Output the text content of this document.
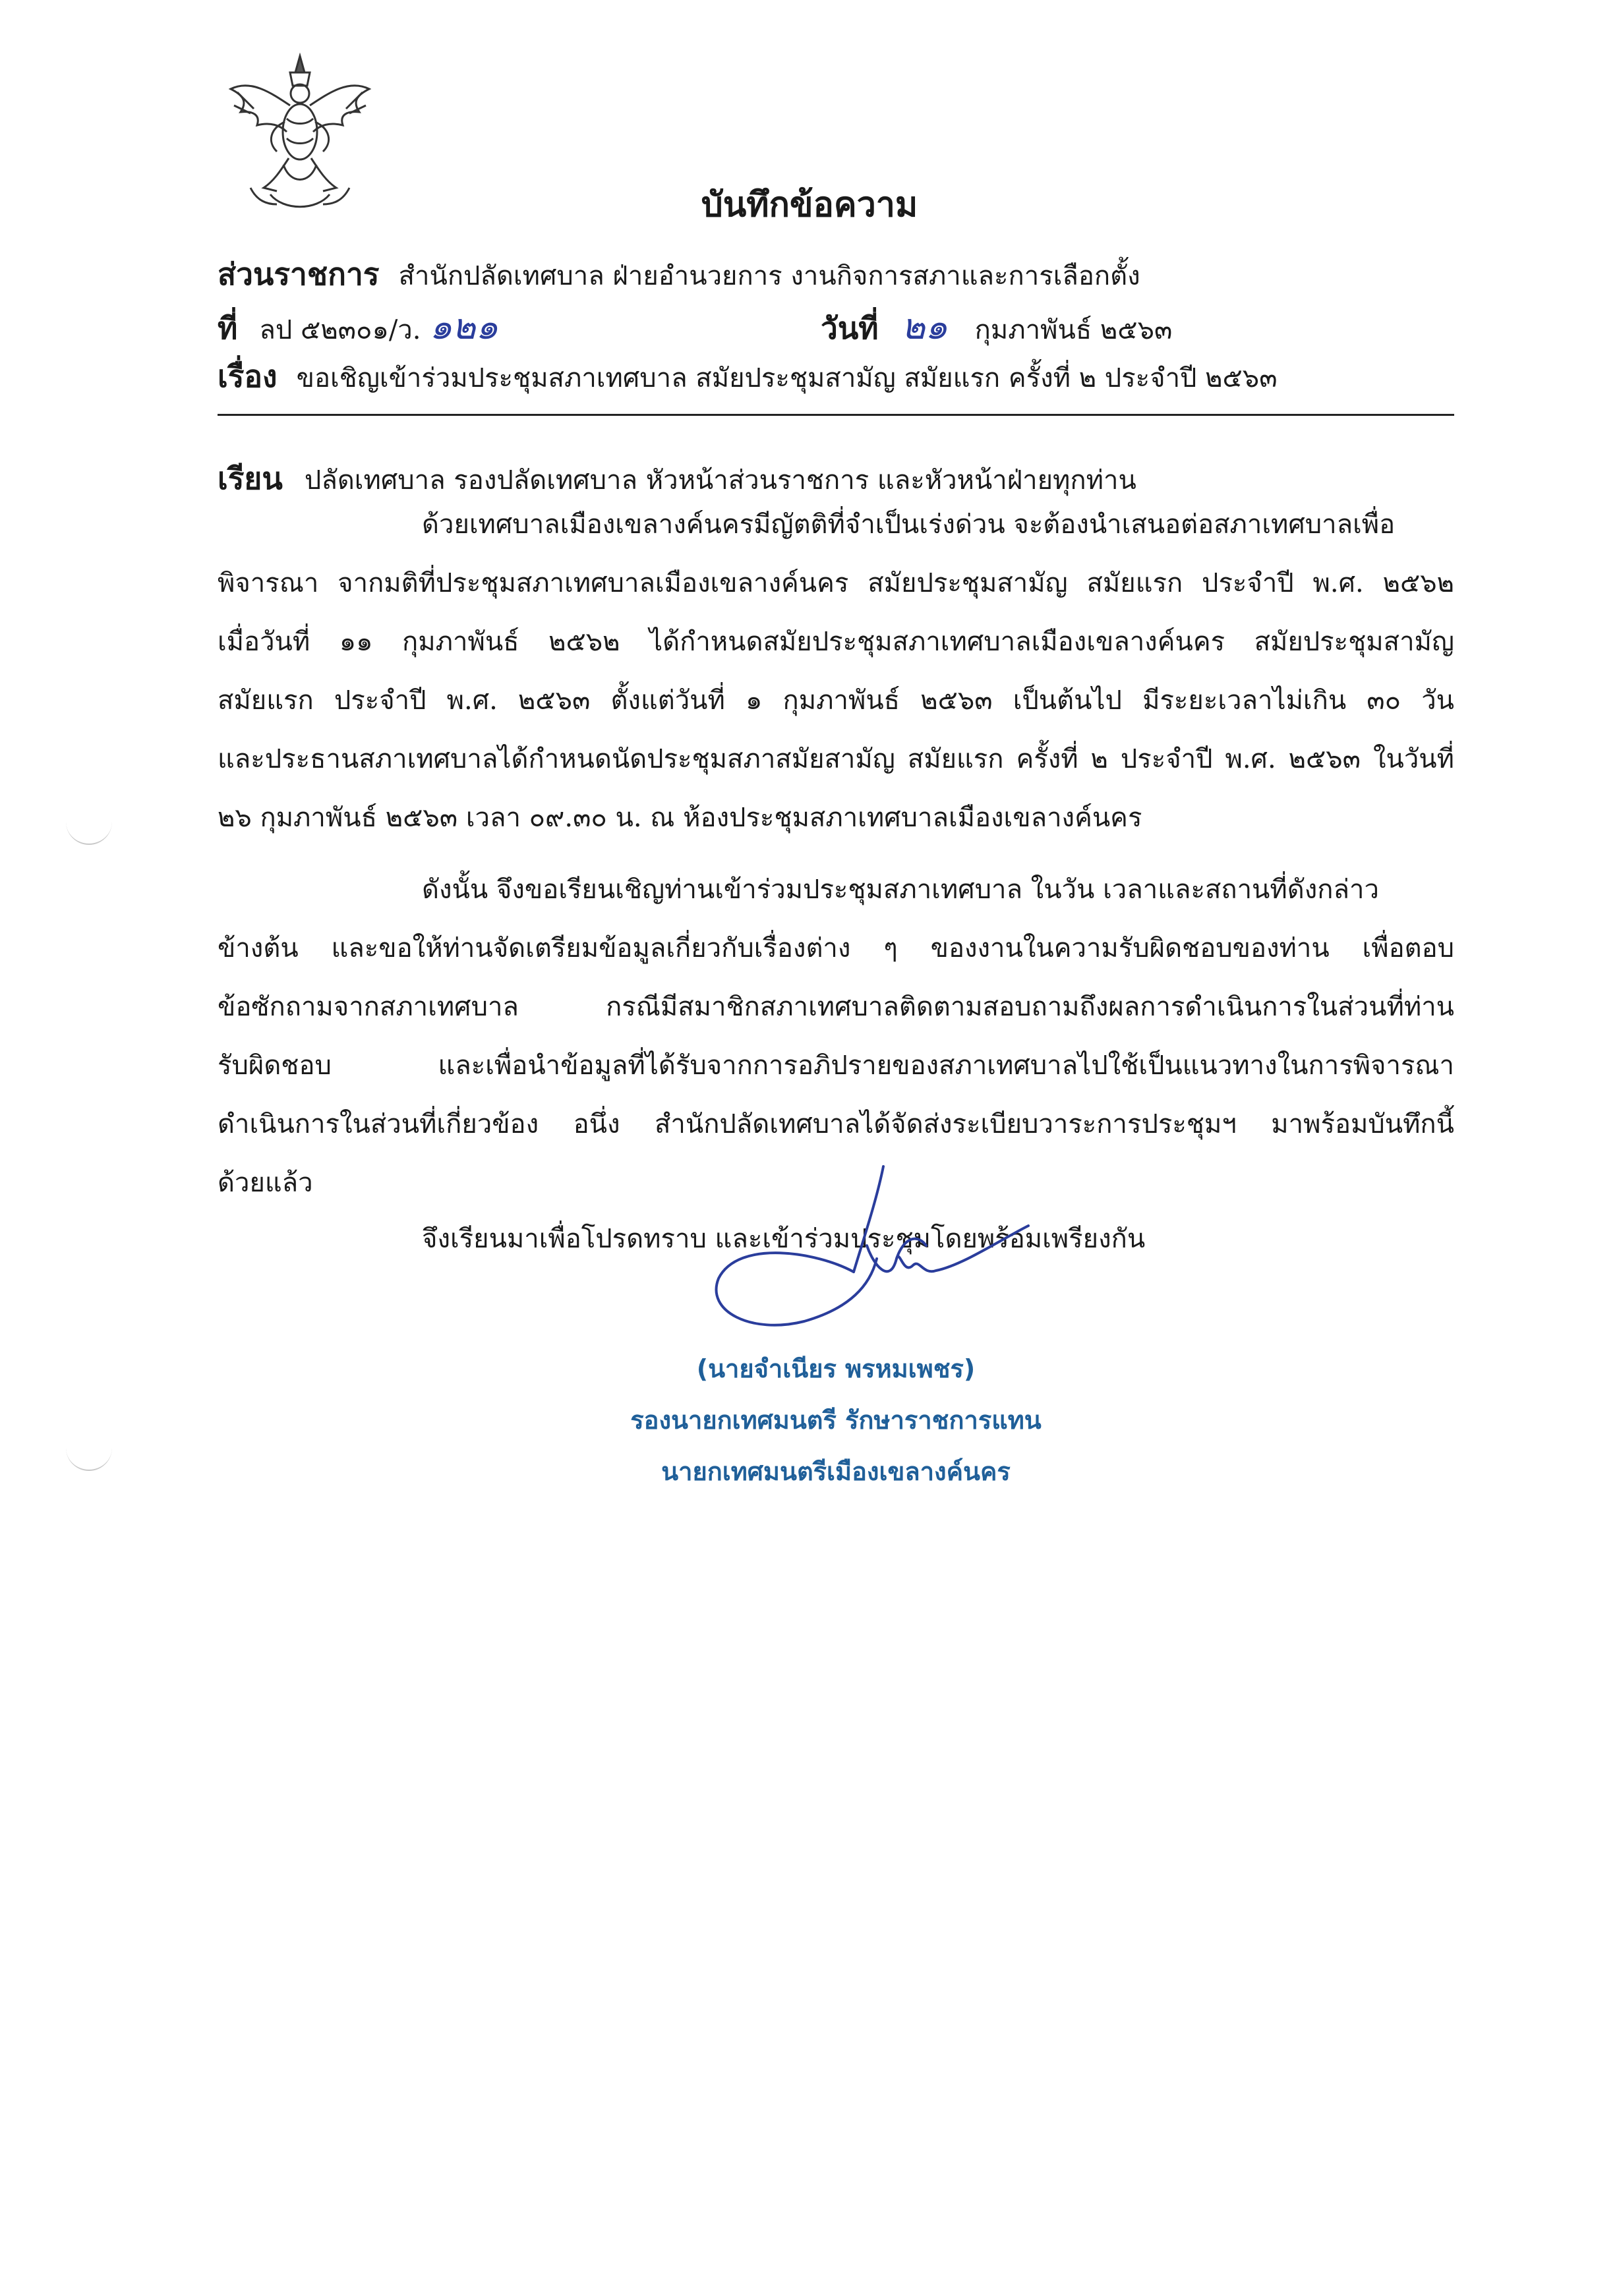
บันทึกข้อความ
ส่วนราชการ สำนักปลัดเทศบาล ฝ่ายอำนวยการ งานกิจการสภาและการเลือกตั้ง
ที่ ลป ๕๒๓๐๑/ว. ๑๒๑	วันที่ ๒๑ กุมภาพันธ์ ๒๕๖๓
เรื่อง ขอเชิญเข้าร่วมประชุมสภาเทศบาล สมัยประชุมสามัญ สมัยแรก ครั้งที่ ๒ ประจำปี ๒๕๖๓
เรียน ปลัดเทศบาล รองปลัดเทศบาล หัวหน้าส่วนราชการ และหัวหน้าฝ่ายทุกท่าน
ด้วยเทศบาลเมืองเขลางค์นครมีญัตติที่จำเป็นเร่งด่วน จะต้องนำเสนอต่อสภาเทศบาลเพื่อ
พิจารณา จากมติที่ประชุมสภาเทศบาลเมืองเขลางค์นคร สมัยประชุมสามัญ สมัยแรก ประจำปี พ.ศ. ๒๕๖๒
เมื่อวันที่ ๑๑ กุมภาพันธ์ ๒๕๖๒ ได้กำหนดสมัยประชุมสภาเทศบาลเมืองเขลางค์นคร สมัยประชุมสามัญ
สมัยแรก ประจำปี พ.ศ. ๒๕๖๓ ตั้งแต่วันที่ ๑ กุมภาพันธ์ ๒๕๖๓ เป็นต้นไป มีระยะเวลาไม่เกิน ๓๐ วัน
และประธานสภาเทศบาลได้กำหนดนัดประชุมสภาสมัยสามัญ สมัยแรก ครั้งที่ ๒ ประจำปี พ.ศ. ๒๕๖๓ ในวันที่
๒๖ กุมภาพันธ์ ๒๕๖๓ เวลา ๐๙.๓๐ น. ณ ห้องประชุมสภาเทศบาลเมืองเขลางค์นคร
ดังนั้น จึงขอเรียนเชิญท่านเข้าร่วมประชุมสภาเทศบาล ในวัน เวลาและสถานที่ดังกล่าว
ข้างต้น และขอให้ท่านจัดเตรียมข้อมูลเกี่ยวกับเรื่องต่าง ๆ ของงานในความรับผิดชอบของท่าน เพื่อตอบ
ข้อซักถามจากสภาเทศบาล กรณีมีสมาชิกสภาเทศบาลติดตามสอบถามถึงผลการดำเนินการในส่วนที่ท่าน
รับผิดชอบ และเพื่อนำข้อมูลที่ได้รับจากการอภิปรายของสภาเทศบาลไปใช้เป็นแนวทางในการพิจารณา
ดำเนินการในส่วนที่เกี่ยวข้อง อนึ่ง สำนักปลัดเทศบาลได้จัดส่งระเบียบวาระการประชุมฯ มาพร้อมบันทึกนี้
ด้วยแล้ว
จึงเรียนมาเพื่อโปรดทราบ และเข้าร่วมประชุมโดยพร้อมเพรียงกัน
(นายจำเนียร พรหมเพชร)
รองนายกเทศมนตรี รักษาราชการแทน
นายกเทศมนตรีเมืองเขลางค์นคร
